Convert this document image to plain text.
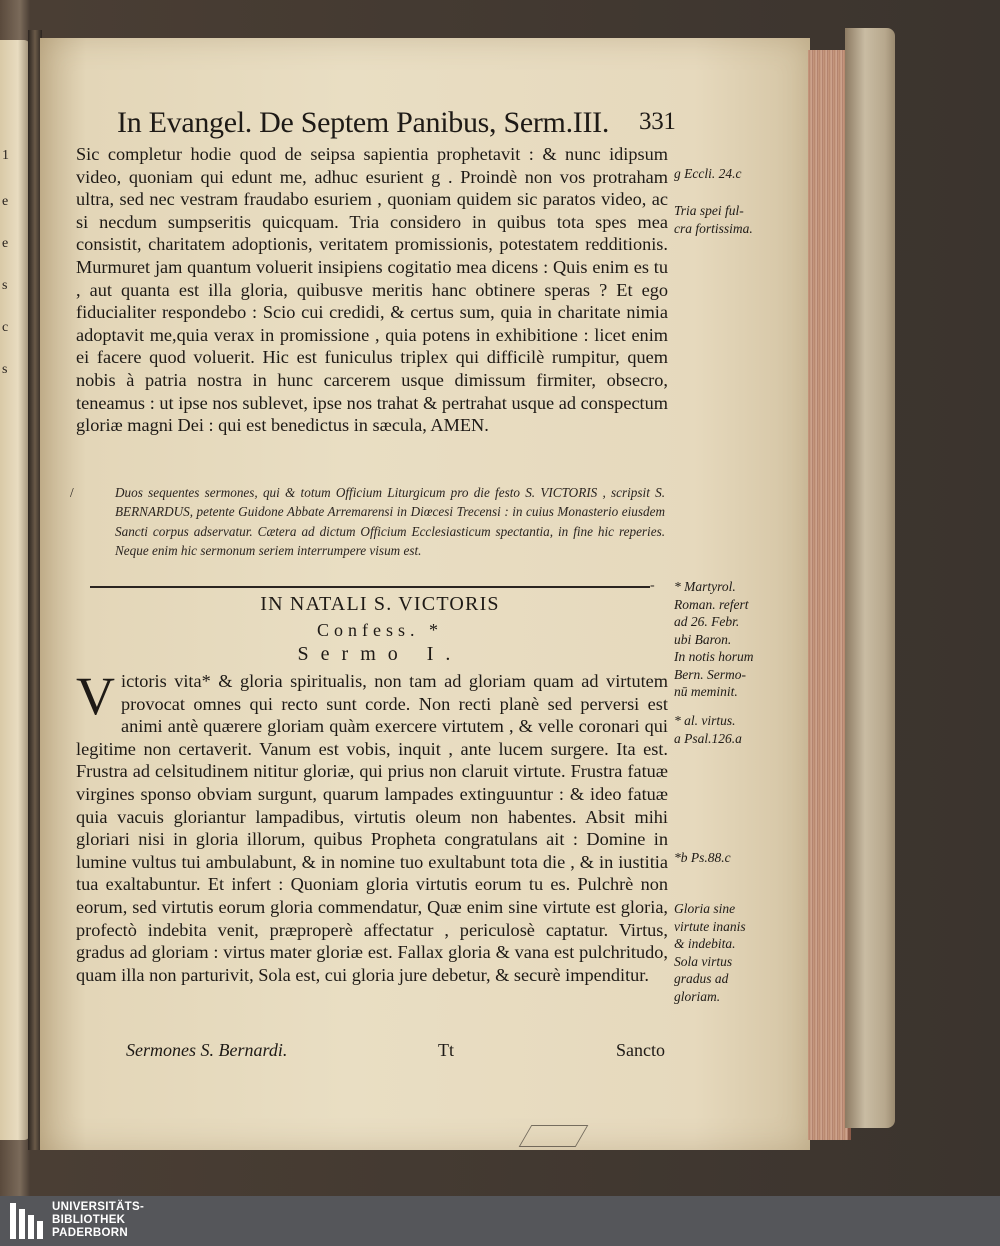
1
e
e
s
c
s
In Evangel. De Septem Panibus, Serm.III. 331

Sic completur hodie quod de seipsa sapientia prophetavit : & nunc idipsum video, quoniam qui edunt me, adhuc esurient g . Proindè non vos protraham ultra, sed nec vestram fraudabo esuriem , quoniam quidem sic paratos video, ac si necdum sumpseritis quicquam. Tria considero in quibus tota spes mea consistit, charitatem adoptionis, veritatem promissionis, potestatem redditionis. Murmuret jam quantum voluerit insipiens cogitatio mea dicens : Quis enim es tu , aut quanta est illa gloria, quibusve meritis hanc obtinere speras ? Et ego fiducialiter respondebo : Scio cui credidi, & certus sum, quia in charitate nimia adoptavit me,quia verax in promissione , quia potens in exhibitione : licet enim ei facere quod voluerit. Hic est funiculus triplex qui difficilè rumpitur, quem nobis à patria nostra in hunc carcerem usque dimissum firmiter, obsecro, teneamus : ut ipse nos sublevet, ipse nos trahat & pertrahat usque ad conspectum gloriæ magni Dei : qui est benedictus in sæcula, AMEN.

/	Duos sequentes sermones, qui & totum Officium Liturgicum pro die festo S. VICTORIS , scripsit S. BERNARDUS, petente Guidone Abbate Arremarensi in Diœcesi Trecensi : in cuius Monasterio eiusdem Sancti corpus adservatur. Cætera ad dictum Officium Ecclesiasticum spectantia, in fine hic reperies. Neque enim hic sermonum seriem interrumpere visum est.
-
IN NATALI S. VICTORIS
Confess. *
Sermo I.
V ictoris vita* & gloria spiritualis, non tam ad gloriam quam ad virtutem provocat omnes qui recto sunt corde. Non recti planè sed perversi est animi antè quærere gloriam quàm exercere virtutem , & velle coronari qui legitime non certaverit. Vanum est vobis, inquit , ante lucem surgere. Ita est. Frustra ad celsitudinem nititur gloriæ, qui prius non claruit virtute. Frustra fatuæ virgines sponso obviam surgunt, quarum lampades extinguuntur : & ideo fatuæ quia vacuis gloriantur lampadibus, virtutis oleum non habentes. Absit mihi gloriari nisi in gloria illorum, quibus Propheta congratulans ait : Domine in lumine vultus tui ambulabunt, & in nomine tuo exultabunt tota die , & in iustitia tua exaltabuntur. Et infert : Quoniam gloria virtutis eorum tu es. Pulchrè non eorum, sed virtutis eorum gloria commendatur, Quæ enim sine virtute est gloria, profectò indebita venit, præproperè affectatur , periculosè captatur. Virtus, gradus ad gloriam : virtus mater gloriæ est. Fallax gloria & vana est pulchritudo, quam illa non parturivit, Sola est, cui gloria jure debetur, & securè impenditur.
g Eccli. 24.c
Tria spei ful-
cra fortissima.
* Martyrol.
Roman. refert
ad 26. Febr.
ubi Baron.
In notis horum
Bern. Sermo-
nū meminit.
* al. virtus.
a Psal.126.a
*b Ps.88.c
Gloria sine
virtute inanis
& indebita.
Sola virtus
gradus ad
gloriam.
Sermones S. Bernardi.	Tt	Sancto
UNIVERSITÄTS-
BIBLIOTHEK
PADERBORN
